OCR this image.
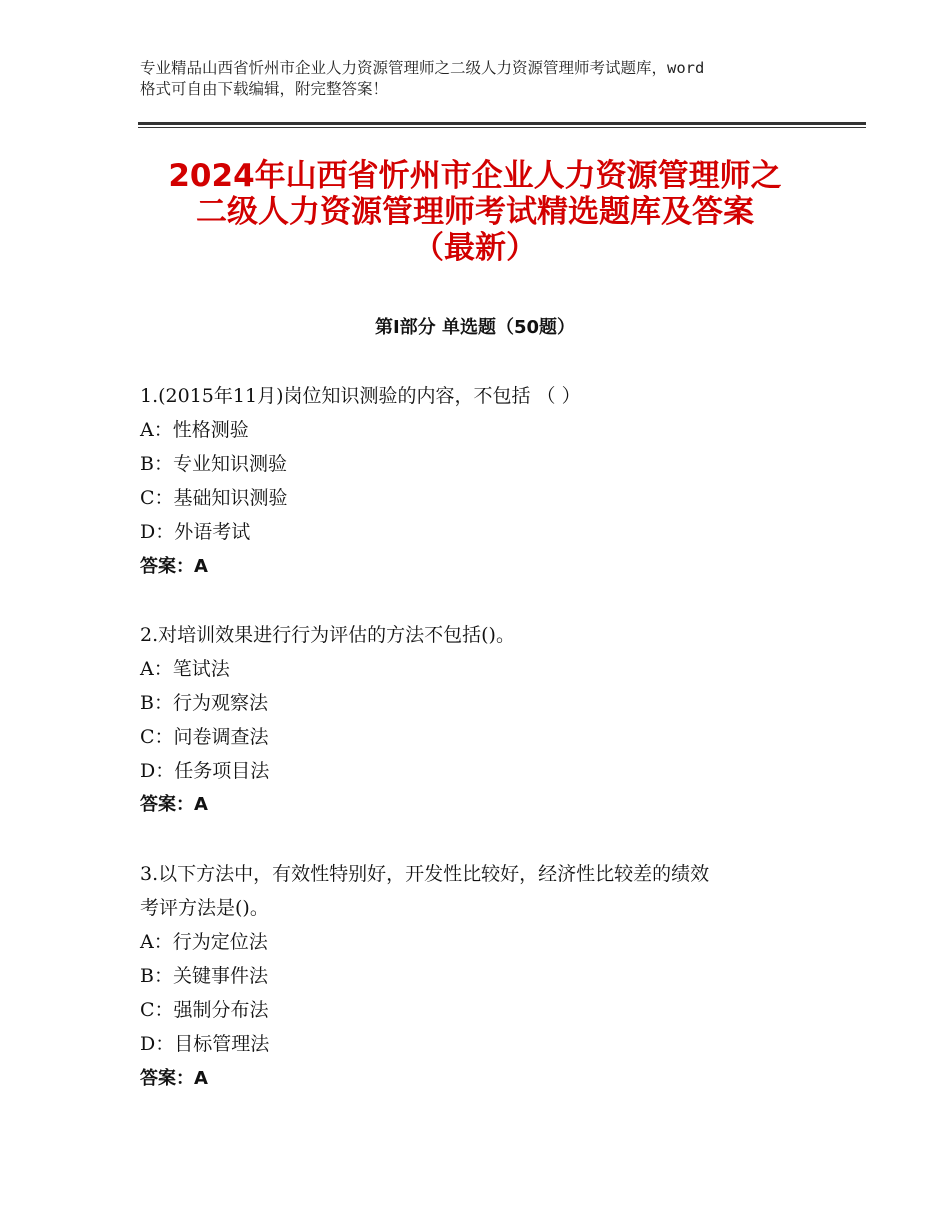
专业精品山西省忻州市企业人力资源管理师之二级人力资源管理师考试题库，word
格式可自由下载编辑，附完整答案！
2024年山西省忻州市企业人力资源管理师之
二级人力资源管理师考试精选题库及答案
（最新）
第Ⅰ部分 单选题（50题）
1.(2015年11月)岗位知识测验的内容，不包括 （ ）
A：性格测验
B：专业知识测验
C：基础知识测验
D：外语考试
答案：A
2.对培训效果进行行为评估的方法不包括()。
A：笔试法
B：行为观察法
C：问卷调查法
D：任务项目法
答案：A
3.以下方法中，有效性特别好，开发性比较好，经济性比较差的绩效
考评方法是()。
A：行为定位法
B：关键事件法
C：强制分布法
D：目标管理法
答案：A
